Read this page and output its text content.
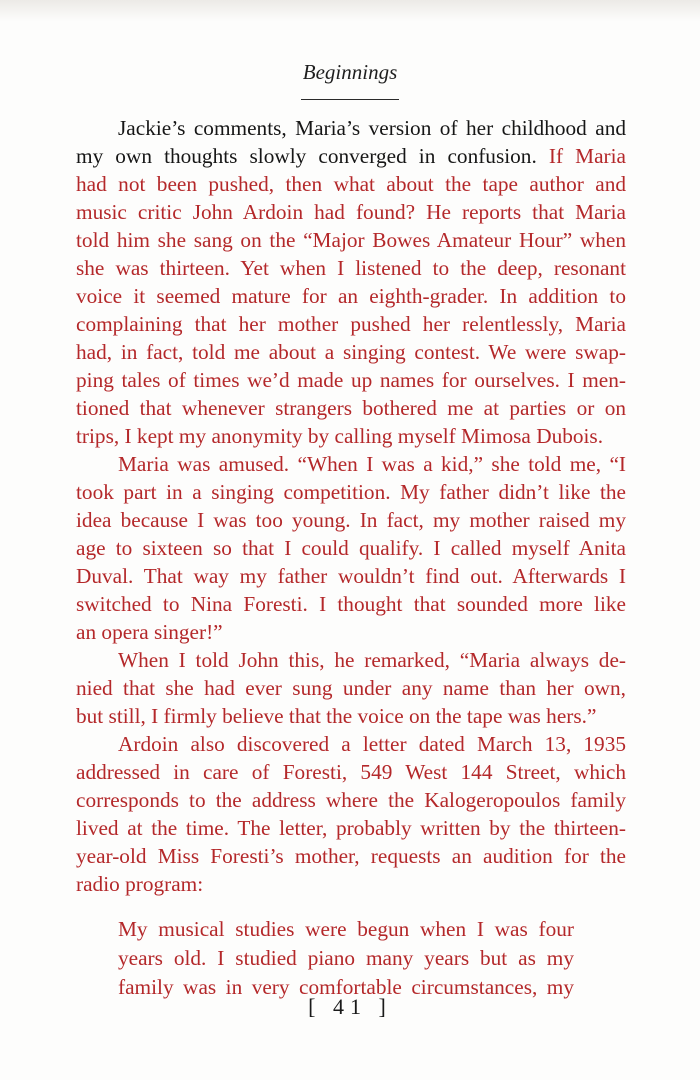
Beginnings
Jackie’s comments, Maria’s version of her childhood and
my own thoughts slowly converged in confusion. If Maria
had not been pushed, then what about the tape author and
music critic John Ardoin had found? He reports that Maria
told him she sang on the “Major Bowes Amateur Hour” when
she was thirteen. Yet when I listened to the deep, resonant
voice it seemed mature for an eighth-grader. In addition to
complaining that her mother pushed her relentlessly, Maria
had, in fact, told me about a singing contest. We were swap-
ping tales of times we’d made up names for ourselves. I men-
tioned that whenever strangers bothered me at parties or on
trips, I kept my anonymity by calling myself Mimosa Dubois.
Maria was amused. “When I was a kid,” she told me, “I
took part in a singing competition. My father didn’t like the
idea because I was too young. In fact, my mother raised my
age to sixteen so that I could qualify. I called myself Anita
Duval. That way my father wouldn’t find out. Afterwards I
switched to Nina Foresti. I thought that sounded more like
an opera singer!”
When I told John this, he remarked, “Maria always de-
nied that she had ever sung under any name than her own,
but still, I firmly believe that the voice on the tape was hers.”
Ardoin also discovered a letter dated March 13, 1935
addressed in care of Foresti, 549 West 144 Street, which
corresponds to the address where the Kalogeropoulos family
lived at the time. The letter, probably written by the thirteen-
year-old Miss Foresti’s mother, requests an audition for the
radio program:
My musical studies were begun when I was four
years old. I studied piano many years but as my
family was in very comfortable circumstances, my
[ 41 ]
